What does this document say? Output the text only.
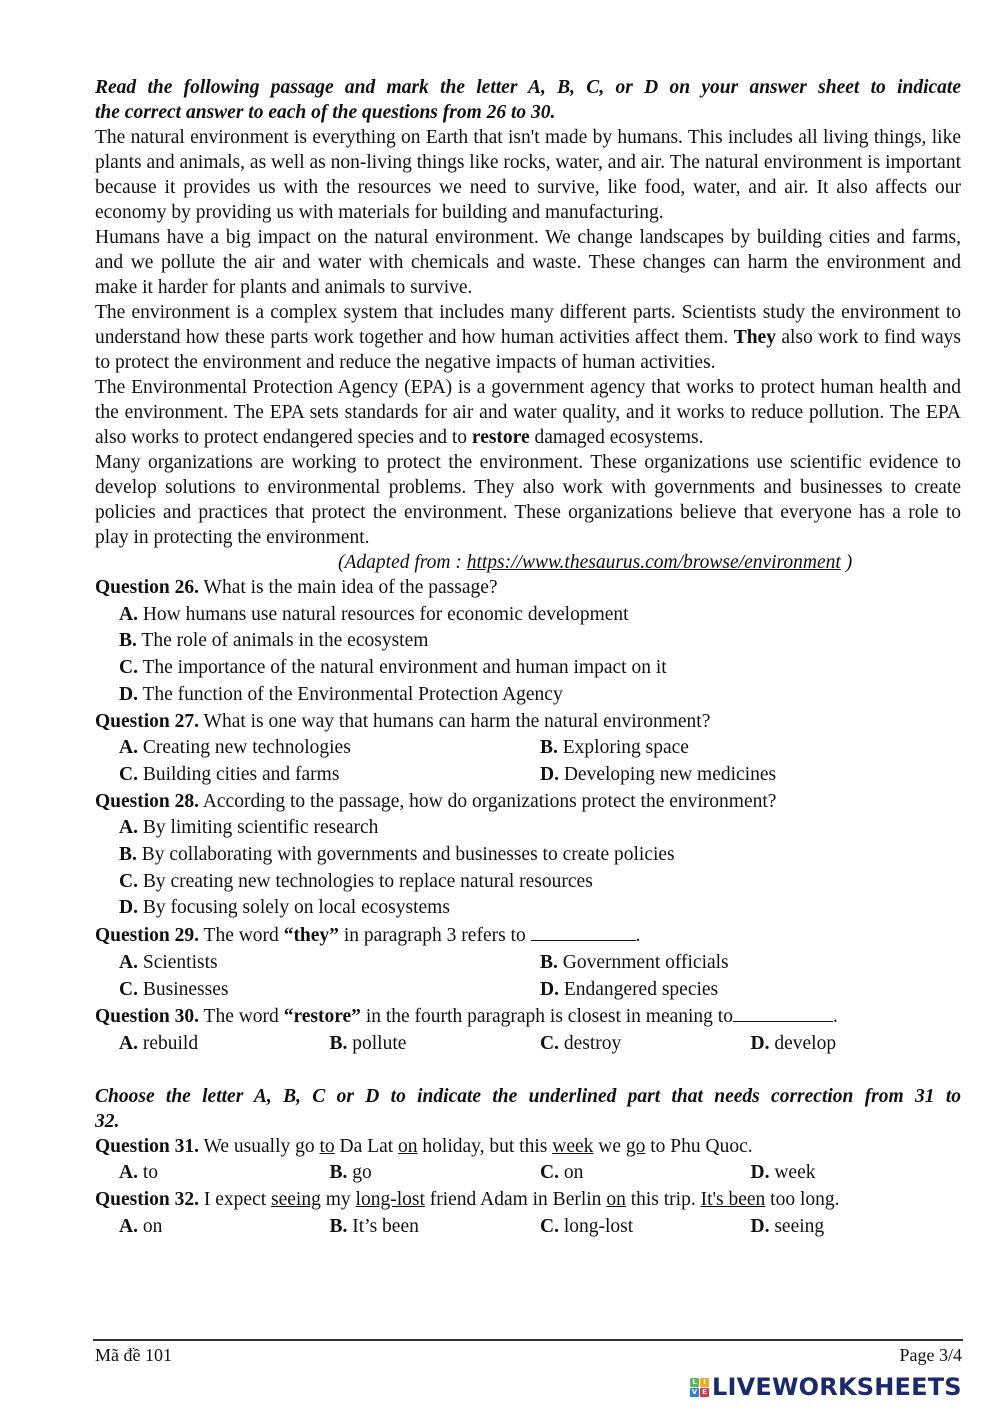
Read the following passage and mark the letter A, B, C, or D on your answer sheet to indicate
the correct answer to each of the questions from 26 to 30.
The natural environment is everything on Earth that isn't made by humans. This includes all living things, like plants and animals, as well as non-living things like rocks, water, and air. The natural environment is important because it provides us with the resources we need to survive, like food, water, and air. It also affects our economy by providing us with materials for building and manufacturing.
Humans have a big impact on the natural environment. We change landscapes by building cities and farms, and we pollute the air and water with chemicals and waste. These changes can harm the environment and make it harder for plants and animals to survive.
The environment is a complex system that includes many different parts. Scientists study the environment to understand how these parts work together and how human activities affect them. They also work to find ways to protect the environment and reduce the negative impacts of human activities.
The Environmental Protection Agency (EPA) is a government agency that works to protect human health and the environment. The EPA sets standards for air and water quality, and it works to reduce pollution. The EPA also works to protect endangered species and to restore damaged ecosystems.
Many organizations are working to protect the environment. These organizations use scientific evidence to develop solutions to environmental problems. They also work with governments and businesses to create policies and practices that protect the environment. These organizations believe that everyone has a role to play in protecting the environment.
(Adapted from : https://www.thesaurus.com/browse/environment )
Question 26. What is the main idea of the passage?
A. How humans use natural resources for economic development
B. The role of animals in the ecosystem
C. The importance of the natural environment and human impact on it
D. The function of the Environmental Protection Agency
Question 27. What is one way that humans can harm the natural environment?
A. Creating new technologies	B. Exploring space
C. Building cities and farms	D. Developing new medicines
Question 28. According to the passage, how do organizations protect the environment?
A. By limiting scientific research
B. By collaborating with governments and businesses to create policies
C. By creating new technologies to replace natural resources
D. By focusing solely on local ecosystems
Question 29. The word “they” in paragraph 3 refers to	.
A. Scientists	B. Government officials
C. Businesses	D. Endangered species
Question 30. The word “restore” in the fourth paragraph is closest in meaning to	.
A. rebuild	B. pollute	C. destroy	D. develop
Choose the letter A, B, C or D to indicate the underlined part that needs correction from 31 to
32.
Question 31. We usually go to Da Lat on holiday, but this week we go to Phu Quoc.
A. to	B. go	C. on	D. week
Question 32. I expect seeing my long-lost friend Adam in Berlin on this trip. It's been too long.
A. on	B. It’s been	C. long-lost	D. seeing
Mã đề 101	Page 3/4
L I
V E LIVEWORKSHEETS
